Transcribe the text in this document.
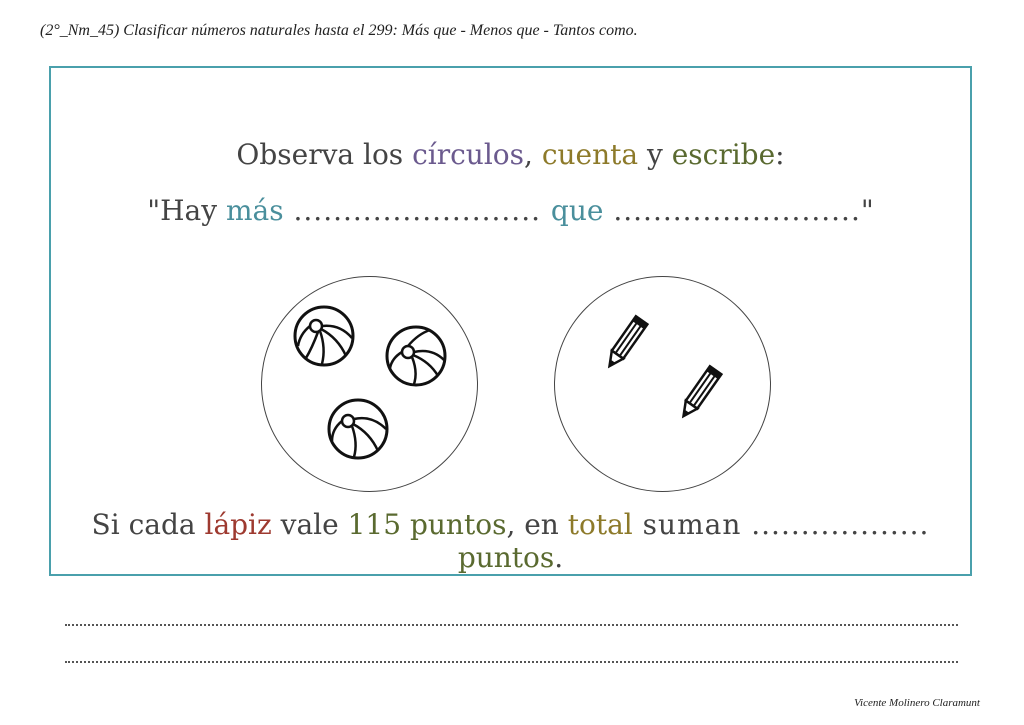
(2°_Nm_45) Clasificar números naturales hasta el 299: Más que - Menos que - Tantos como.
Observa los círculos, cuenta y escribe:
"Hay más ......................... que ........................."
Si cada lápiz vale 115 puntos, en total suman .................. puntos.
Vicente Molinero Claramunt
